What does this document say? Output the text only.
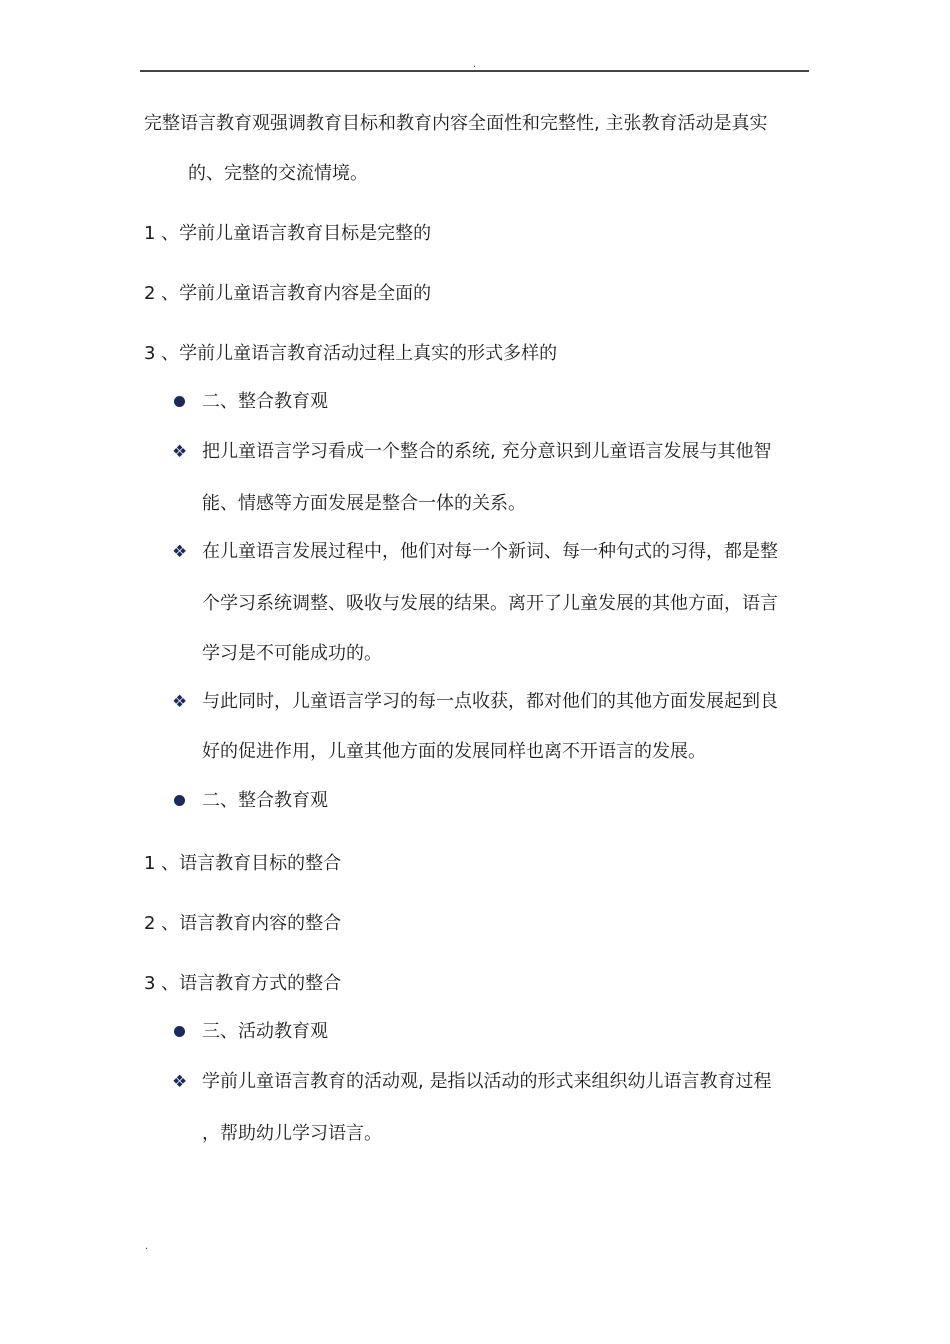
.
完整语言教育观强调教育目标和教育内容全面性和完整性, 主张教育活动是真实
的、完整的交流情境。
1 、学前儿童语言教育目标是完整的
2 、学前儿童语言教育内容是全面的
3 、学前儿童语言教育活动过程上真实的形式多样的
二、整合教育观
❖ 把儿童语言学习看成一个整合的系统, 充分意识到儿童语言发展与其他智
能、情感等方面发展是整合一体的关系。
❖ 在儿童语言发展过程中，他们对每一个新词、每一种句式的习得，都是整
个学习系统调整、吸收与发展的结果。离开了儿童发展的其他方面，语言
学习是不可能成功的。
❖ 与此同时，儿童语言学习的每一点收获，都对他们的其他方面发展起到良
好的促进作用，儿童其他方面的发展同样也离不开语言的发展。
二、整合教育观
1 、语言教育目标的整合
2 、语言教育内容的整合
3 、语言教育方式的整合
三、活动教育观
❖ 学前儿童语言教育的活动观, 是指以活动的形式来组织幼儿语言教育过程
，帮助幼儿学习语言。
.
